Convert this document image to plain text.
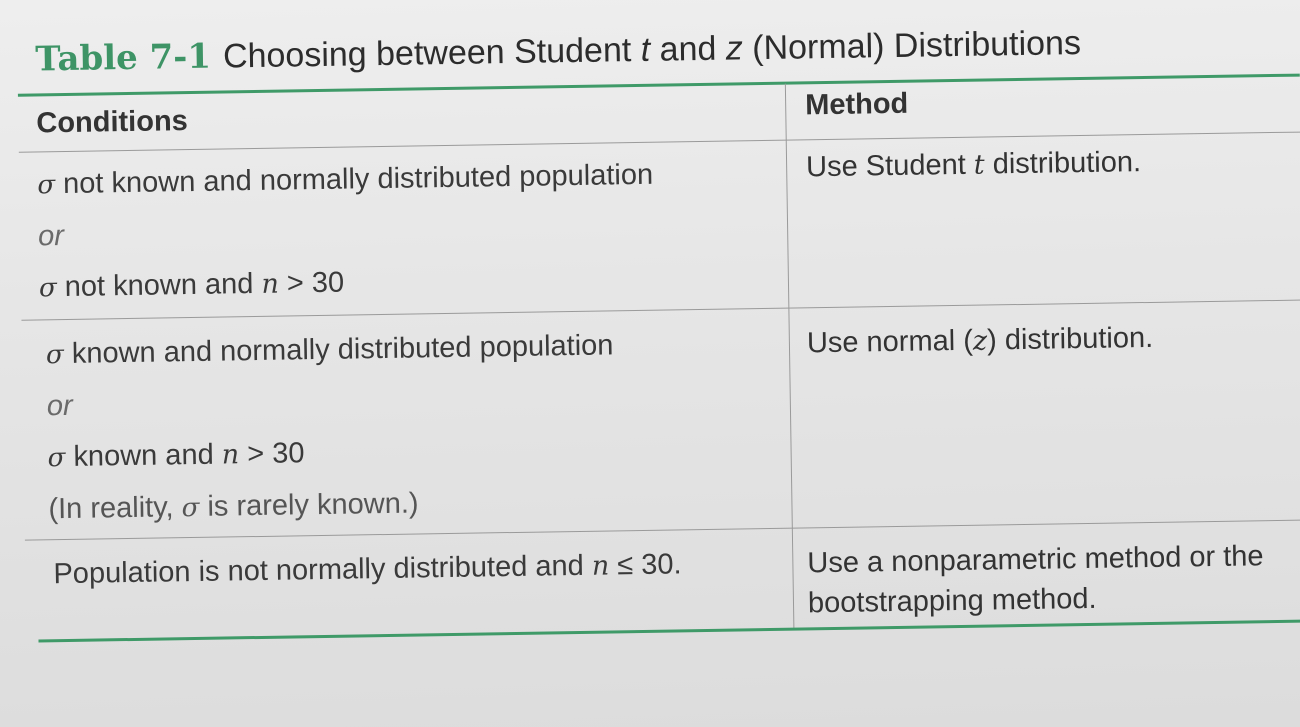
Table 7-1 Choosing between Student t and z (Normal) Distributions
Conditions
Method
σ not known and normally distributed population
or
σ not known and n > 30
Use Student t distribution.
σ known and normally distributed population
or
σ known and n > 30
(In reality, σ is rarely known.)
Use normal (z) distribution.
Population is not normally distributed and n ≤ 30.	Use a nonparametric method or the
bootstrapping method.
